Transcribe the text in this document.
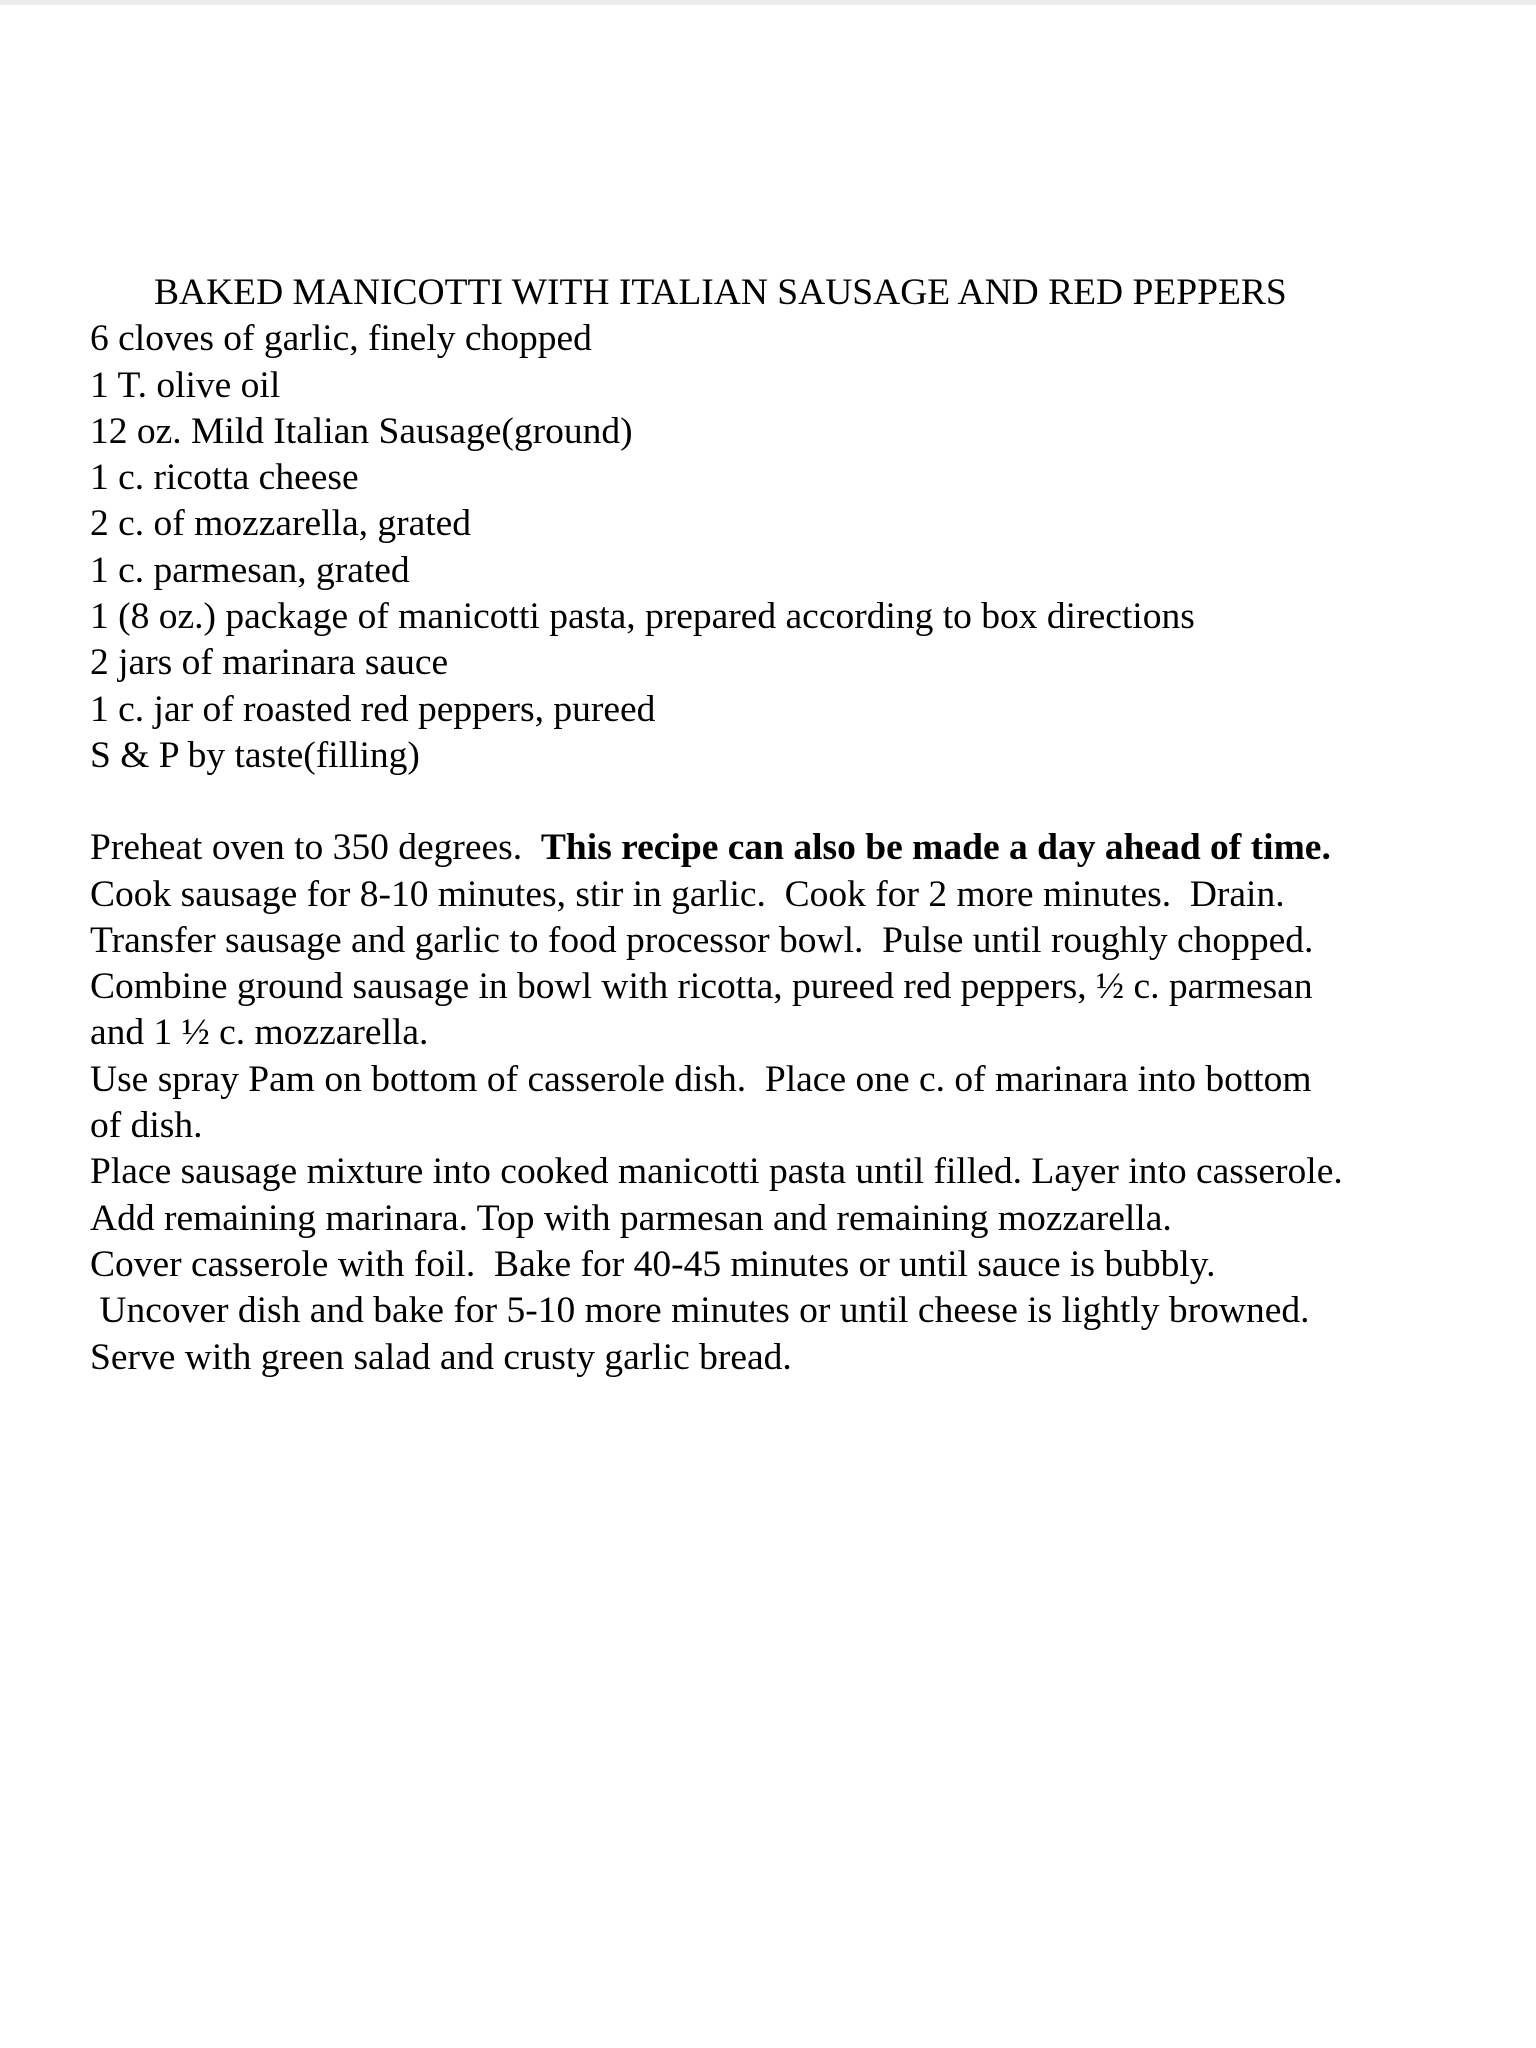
BAKED MANICOTTI WITH ITALIAN SAUSAGE AND RED PEPPERS
6 cloves of garlic, finely chopped
1 T. olive oil
12 oz. Mild Italian Sausage(ground)
1 c. ricotta cheese
2 c. of mozzarella, grated
1 c. parmesan, grated
1 (8 oz.) package of manicotti pasta, prepared according to box directions
2 jars of marinara sauce
1 c. jar of roasted red peppers, pureed
S & P by taste(filling)
Preheat oven to 350 degrees.  This recipe can also be made a day ahead of time.
Cook sausage for 8-10 minutes, stir in garlic.  Cook for 2 more minutes.  Drain.
Transfer sausage and garlic to food processor bowl.  Pulse until roughly chopped.
Combine ground sausage in bowl with ricotta, pureed red peppers, ½ c. parmesan
and 1 ½ c. mozzarella.
Use spray Pam on bottom of casserole dish.  Place one c. of marinara into bottom
of dish.
Place sausage mixture into cooked manicotti pasta until filled. Layer into casserole.
Add remaining marinara. Top with parmesan and remaining mozzarella.
Cover casserole with foil.  Bake for 40-45 minutes or until sauce is bubbly.
Uncover dish and bake for 5-10 more minutes or until cheese is lightly browned.
Serve with green salad and crusty garlic bread.
